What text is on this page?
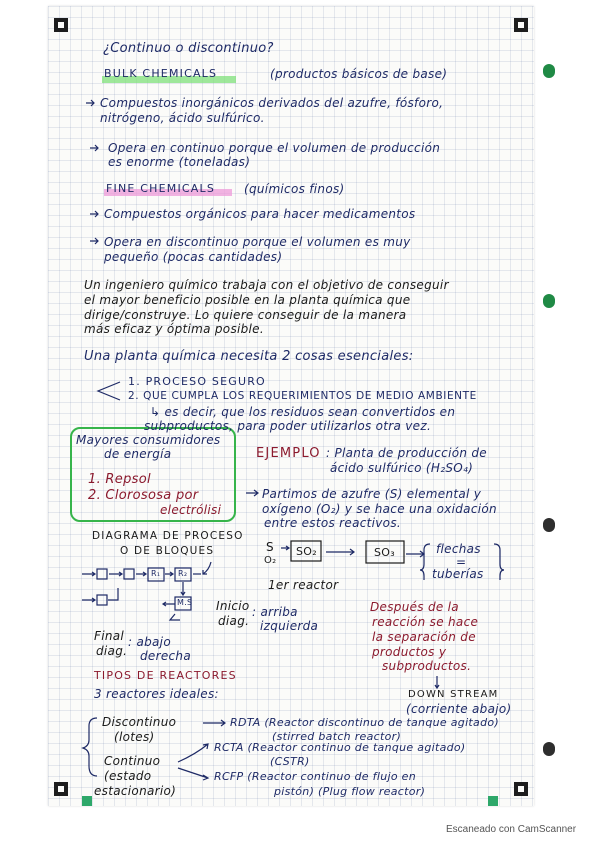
¿Continuo o discontinuo?
BULK CHEMICALS	(productos básicos de base)
Compuestos inorgánicos derivados del azufre, fósforo,
nitrógeno, ácido sulfúrico.
Opera en continuo porque el volumen de producción
es enorme (toneladas)
FINE CHEMICALS (químicos finos)
Compuestos orgánicos para hacer medicamentos
Opera en discontinuo porque el volumen es muy
pequeño (pocas cantidades)
Un ingeniero químico trabaja con el objetivo de conseguir
el mayor beneficio posible en la planta química que
dirige/construye. Lo quiere conseguir de la manera
más eficaz y óptima posible.
Una planta química necesita 2 cosas esenciales:
1. PROCESO SEGURO
2. QUE CUMPLA LOS REQUERIMIENTOS DE MEDIO AMBIENTE
↳ es decir, que los residuos sean convertidos en
subproductos, para poder utilizarlos otra vez.
Mayores consumidores
de energía
1. Repsol
2. Clorososa por
electrólisi
EJEMPLO : Planta de producción de
ácido sulfúrico (H₂SO₄)
Partimos de azufre (S) elemental y
oxígeno (O₂) y se hace una oxidación
entre estos reactivos.
DIAGRAMA DE PROCESO
O DE BLOQUES
R₁ R₂
M.S Inicio
diag.
: arriba
izquierda
Final
diag.
: abajo
derecha
S
O₂
SO₂	SO₃
1er reactor
flechas
=
tuberías
Después de la
reacción se hace
la separación de
productos y
subproductos.
DOWN STREAM
(corriente abajo)
TIPOS DE REACTORES
3 reactores ideales:
Discontinuo
(lotes)
Continuo
(estado
estacionario)
RDTA (Reactor discontinuo de tanque agitado)
(stirred batch reactor)
RCTA (Reactor continuo de tanque agitado)
(CSTR)
RCFP (Reactor continuo de flujo en
pistón) (Plug flow reactor)
Escaneado con CamScanner
